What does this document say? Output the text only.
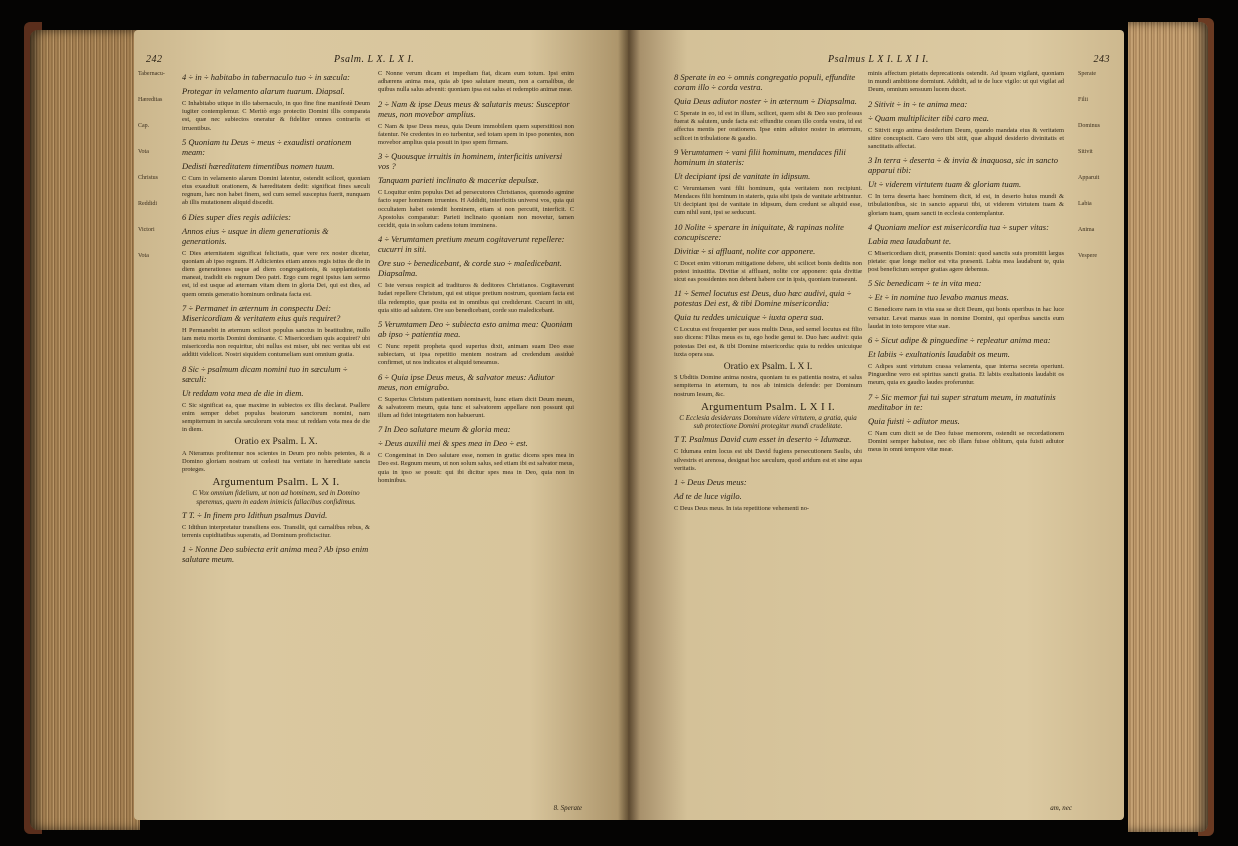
242	Psalm. L X. L X I.
Tabernacu-
Hæreditas
Cap.
Vota
Christus
Reddidi
Victori
Vota
4 ÷ in ÷ habitabo in tabernaculo tuo ÷ in sæcula:
Protegar in velamento alarum tuarum. Diapsal.

C Inhabitabo utique in illo tabernaculo, in quo fine fine manifestè Deum iugiter contemplemur. C Meritò ergo protectio Domini illis comparata est, quæ nec subiectos oneratur & fideliter omnes contrariis et irruentibus.

5 Quoniam tu Deus ÷ meus ÷ exaudisti orationem meam:
Dedisti hæreditatem timentibus nomen tuum.

C Cum in velamento alarum Domini latentur, ostendit scilicet, quoniam eius exaudiuit orationem, & hæreditatem dedit: significat fines sæculi regnum, hæc non habet finem, sed cum semel susceptus fuerit, nunquam ab illis mutationem aliquid discedit.

6 Dies super dies regis adiicies:
Annos eius ÷ usque in diem generationis & generationis.

C Dies æternitatem significat felicitatis, quæ vere rex noster dicetur, quoniam ab ipso regnum. H Adiicientes etiam annos regis istius de die in diem generationes usque ad diem congregationis, & supplantationis maneat, tradidit eis regnum Deo patri. Ergo cum regni ipsius iam sermo est, id est usque ad æternam vitam diem in gloria Dei, qui est dies, ad quem omnis generatio hominum ordinata facta est.

7 ÷ Permanet in æternum in conspectu Dei: Misericordiam & veritatem eius quis requiret?

H Permanebit in æternum scilicet populus sanctus in beatitudine, nullo iam metu mortis Domini dominante. C Misericordiam quis acquiret? ubi misericordia non requiritur, ubi nullus est miser, ubi nec veritas ubi est additit videlicet. Nostri siquidem contumeliam sunt omnium gratia.

8 Sic ÷ psalmum dicam nomini tuo in sæculum ÷ sæculi:
Ut reddam vota mea de die in diem.

C Sic significat ea, quæ maxime in subiectos ex illis declarat. Psallere enim semper debet populus beatorum sanctorum nomini, nam sempiternum in sæcula sæculorum vota mea: ut reddam vota mea de die in diem.

Oratio ex Psalm. L X.

A Nteramus profitemur nos scientes in Deum pro nobis petentes, & a Domino gloriam nostram ut cœlesti tua veritate in hæreditate sancta proteges.

Argumentum Psalm. L X I.
C Vox omnium fidelium, ut non ad hominem, sed in Domino speremus, quem in eadem inimicis fallacibus confidimus.
T T. ÷ In finem pro Idithun psalmus David.

C Idithun interpretatur transiliens eos. Transilit, qui carnalibus rebus, & terrenis cupiditatibus superatis, ad Dominum proficiscitur.

1 ÷ Nonne Deo subiecta erit anima mea? Ab ipso enim salutare meum.

C Nonne verum dicam et impediam fiat, dicam eum totum. Ipsi enim adhærens anima mea, quia ab ipso salutare meum, non a carnalibus, de quibus nulla salus advenit: quoniam ipsa est salus et redemptio animæ meæ.

2 ÷ Nam & ipse Deus meus & salutaris meus: Susceptor meus, non movebor amplius.

C Nam & ipse Deus meus, quia Deum immobilem quem superstitiosi non fatentur. Ne credentes in eo turbentur, sed totam spem in ipso ponentes, non movebor amplius quia posuit in ipso spem firmam.

3 ÷ Quousque irruitis in hominem, interficitis universi vos ?
Tanquam parieti inclinato & maceriæ depulsæ.

C Loquitur enim populus Dei ad persecutores Christianos, quomodo agmine facto super hominem irruentes. H Addidit, interficitis universi vos, quia qui occultatem habet ostendit hominem, etiam si non percutit, interficit. C Apostolus comparatur: Parieti inclinato quoniam non movetur, tamen cecidit, quia in solum cadens totum imminens.

4 ÷ Verumtamen pretium meum cogitaverunt repellere: cucurri in siti.
Ore suo ÷ benedicebant, & corde suo ÷ maledicebant. Diapsalma.

C Iste versus respicit ad tradituros & deditores Christianos. Cogitaverunt Iudæi repellere Christum, qui est utique pretium nostrum, quoniam facta est illa redemptio, quæ posita est in omnibus qui crediderunt. Cucurri in siti, quia sitio ad salutem. Ore suo benedicebant, corde suo maledicebant.

5 Verumtamen Deo ÷ subiecta esto anima mea: Quoniam ab ipso ÷ patientia mea.

C Nunc repetit propheta quod superius dixit, animam suam Deo esse subiectam, ut ipsa repetitio mentem nostram ad credendum assiduè confirmet, ut nos indicatos et aliquid teneamus.

6 ÷ Quia ipse Deus meus, & salvator meus: Adiutor meus, non emigrabo.

C Superius Christum patientiam nominavit, hunc etiam dicit Deum meum, & salvatorem meum, quia tunc et salvatorem appellare non possunt qui illum ad fidei integritatem non habuerunt.

7 In Deo salutare meum & gloria mea:
÷ Deus auxilii mei & spes mea in Deo ÷ est.

C Congeminat in Deo salutare esse, nomen in gratia: dicens spes mea in Deo est. Regnum meum, ut non solum salus, sed etiam ibi est salvator meus, quia in ipso se posuit: qui ibi dicitur spes mea in Deo, quia non in hominibus.

8. Sperate
Psalmus L X I. L X I I.	243
8 Sperate in eo ÷ omnis congregatio populi, effundite coram illo ÷ corda vestra.
Quia Deus adiutor noster ÷ in æternum ÷ Diapsalma.

C Sperate in eo, id est in illum, scilicet, quem sibi & Deo suo professus fuerat & salutem, unde facta est: effundite coram illo corda vestra, id est affectus mentis per orationem. Ipse enim adiutor noster in æternum, scilicet in tribulatione & gaudio.

9 Verumtamen ÷ vani filii hominum, mendaces filii hominum in stateris:
Ut decipiant ipsi de vanitate in idipsum.

C Verumtamen vani filii hominum, quia veritatem non recipiunt. Mendaces filii hominum in stateris, quia sibi ipsis de vanitate arbitrantur. Ut decipiant ipsi de vanitate in idipsum, dum credunt se aliquid esse, cum nihil sunt, ipsi se seducunt.

10 Nolite ÷ sperare in iniquitate, & rapinas nolite concupiscere:
Divitiæ ÷ si affluant, nolite cor apponere.

C Docet enim vitiorum mitigatione debere, ubi scilicet bonis deditis non potest iniustitia. Divitiæ si affluant, nolite cor apponere: quia divitiæ sicut eas possidentes non debent habere cor in ipsis, quoniam transeunt.

11 ÷ Semel locutus est Deus, duo hæc audivi, quia ÷ potestas Dei est, & tibi Domine misericordia:
Quia tu reddes unicuique ÷ iuxta opera sua.

C Locutus est frequenter per suos multis Deus, sed semel locutus est filio suo dicens: Filius meus es tu, ego hodie genui te. Duo hæc audivi: quia potestas Dei est, & tibi Domine misericordia: quia tu reddes unicuique iuxta opera sua.

Oratio ex Psalm. L X I.

S Ubditis Domine anima nostra, quoniam tu es patientia nostra, et salus sempiterna in æternum, tu nos ab inimicis defende: per Dominum nostrum Iesum, &c.

Argumentum Psalm. L X I I.
C Ecclesia desiderans Dominum videre virtutem, a gratia, quia sub protectione Domini protegitur mundi crudelitate.
T T. Psalmus David cum esset in deserto ÷ Idumææ.

C Idumæa enim locus est ubi David fugiens persecutionem Saulis, ubi silvestris et arenosa, designat hoc sæculum, quod aridum est et sine aqua veritatis.

1 ÷ Deus Deus meus:
Ad te de luce vigilo.

C Deus Deus meus. In ista repetitione vehementi no-

minis affectum pietatis deprecationis ostendit. Ad ipsum vigilant, quoniam in mundi ambitione dormiunt. Addidit, ad te de luce vigilo: ut qui vigilat ad Deum, omnium sensuum lucem ducet.

2 Sitivit ÷ in ÷ te anima mea:
÷ Quam multipliciter tibi caro mea.

C Sitivit ergo anima desiderium Deum, quando mandata eius & veritatem sitire concupiscit. Caro vero tibi sitit, quæ aliquid desiderio divinitatis et sanctitatis affectat.

3 In terra ÷ deserta ÷ & invia & inaquosa, sic in sancto apparui tibi:
Ut ÷ viderem virtutem tuam & gloriam tuam.

C In terra deserta haec hominem dicit, id est, in deserto huius mundi & tribulationibus, sic in sancto apparui tibi, ut viderem virtutem tuam & gloriam tuam, quam sancti in ecclesia contemplantur.

4 Quoniam melior est misericordia tua ÷ super vitas:
Labia mea laudabunt te.

C Misericordiam dicit, præsentis Domini: quod sanctis suis promittit largus pietate: quæ longe melior est vita præsenti. Labia mea laudabunt te, quia post beneficium semper gratias agere debemus.

5 Sic benedicam ÷ te in vita mea:
÷ Et ÷ in nomine tuo levabo manus meas.

C Benedicere nam in vita sua se dicit Deum, qui bonis operibus in hac luce versatur. Levat manus suas in nomine Domini, qui operibus sanctis eum laudat in toto tempore vitæ suæ.

6 ÷ Sicut adipe & pinguedine ÷ repleatur anima mea:
Et labiis ÷ exultationis laudabit os meum.

C Adipes sunt virtutum crassa velamenta, quæ interna secreta operiunt. Pinguedine vero est spiritus sancti gratia. Et labiis exultationis laudabit os meum, quia ex gaudio laudes proferuntur.

7 ÷ Sic memor fui tui super stratum meum, in matutinis meditabor in te:
Quia fuisti ÷ adiutor meus.

C Nam cum dicit se de Deo fuisse memorem, ostendit se recordationem Domini semper habuisse, nec ob illam fuisse oblitum, quia fuisti adiutor meus in omni tempore vitæ meæ.

Sperate
Filii
Dominus
Sitivit
Apparuit
Labia
Anima
Vespere
am, nec
